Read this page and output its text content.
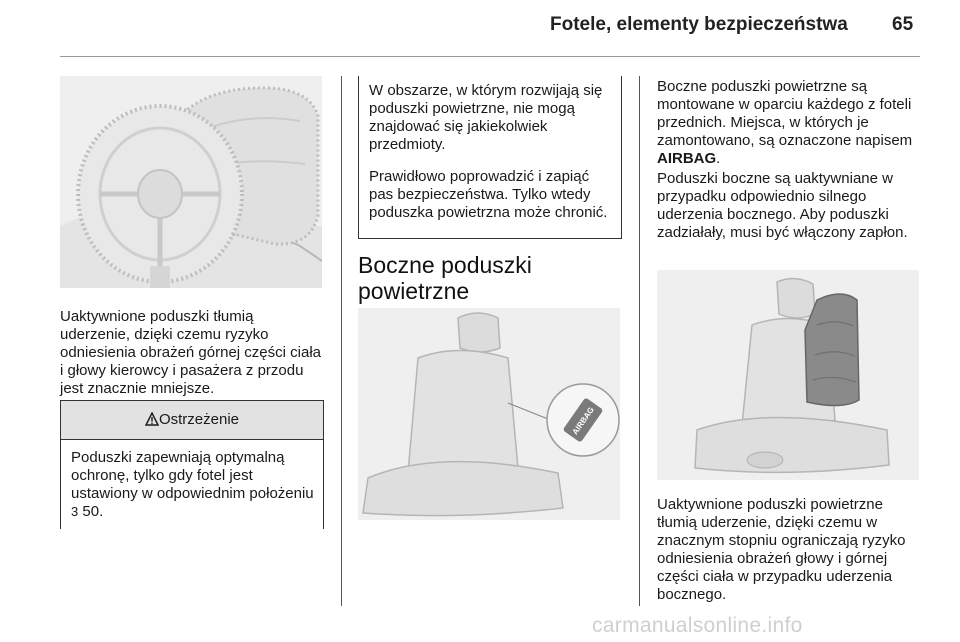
Fotele, elementy bezpieczeństwa 65

Uaktywnione poduszki tłumią uderzenie, dzięki czemu ryzyko odniesienia obrażeń górnej części ciała i głowy kierowcy i pasażera z przodu jest znacznie mniejsze.

Ostrzeżenie
Poduszki zapewniają optymalną ochronę, tylko gdy fotel jest ustawiony w odpowiednim położeniu 3 50.

W obszarze, w którym rozwijają się poduszki powietrzne, nie mogą znajdować się jakiekolwiek przedmioty.

Prawidłowo poprowadzić i zapiąć pas bezpieczeństwa. Tylko wtedy poduszka powietrzna może chronić.

Boczne poduszki powietrzne
AIRBAG

Boczne poduszki powietrzne są montowane w oparciu każdego z foteli przednich. Miejsca, w których je zamontowano, są oznaczone napisem AIRBAG.

Poduszki boczne są uaktywniane w przypadku odpowiednio silnego uderzenia bocznego. Aby poduszki zadziałały, musi być włączony zapłon.

Uaktywnione poduszki powietrzne tłumią uderzenie, dzięki czemu w znacznym stopniu ograniczają ryzyko odniesienia obrażeń głowy i górnej części ciała w przypadku uderzenia bocznego.

carmanualsonline.info
